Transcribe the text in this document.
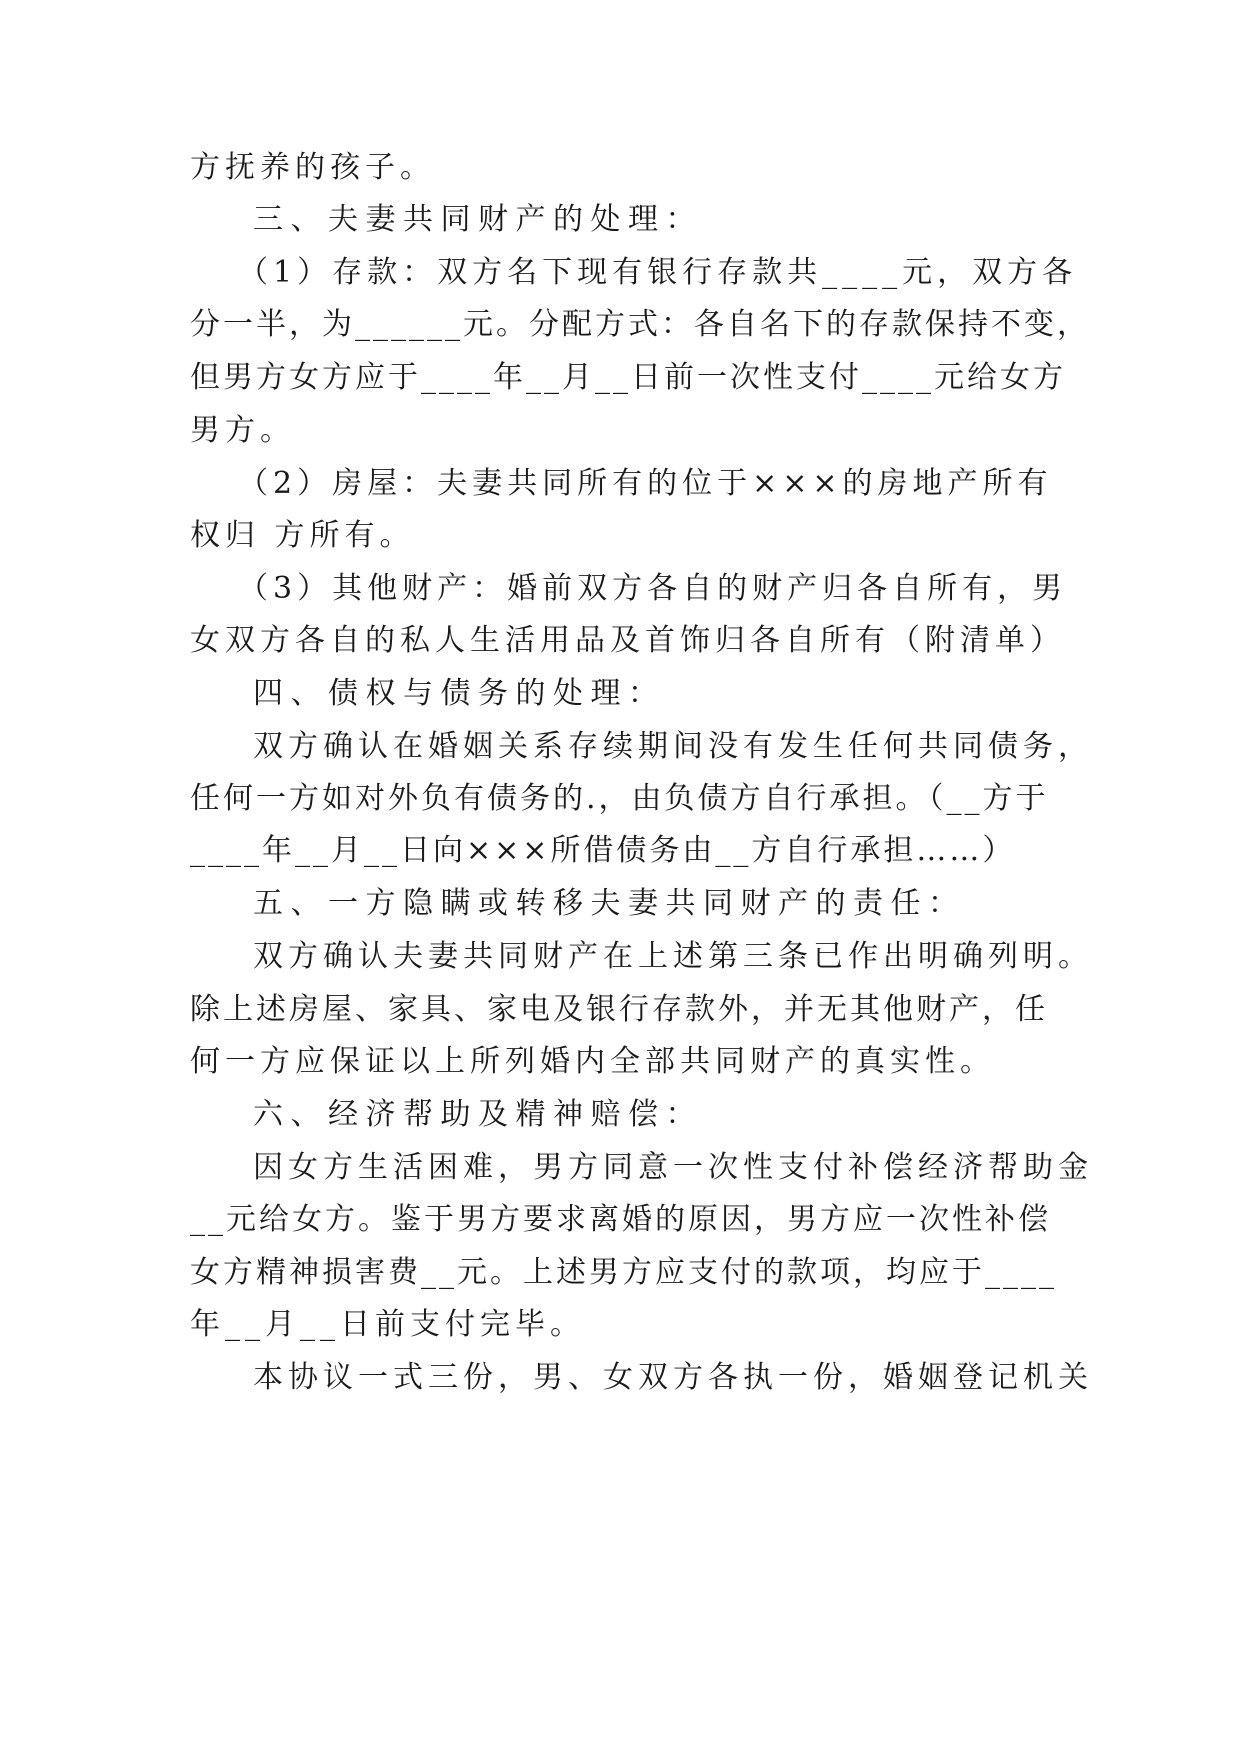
方抚养的孩子。
三、夫妻共同财产的处理：
（1）存款：双方名下现有银行存款共____元，双方各
分一半，为______元。分配方式：各自名下的存款保持不变，
但男方女方应于____年__月__日前一次性支付____元给女方
男方。
（2）房屋：夫妻共同所有的位于×××的房地产所有
权归 方所有。
（3）其他财产：婚前双方各自的财产归各自所有，男
女双方各自的私人生活用品及首饰归各自所有（附清单）
四、债权与债务的处理：
双方确认在婚姻关系存续期间没有发生任何共同债务，
任何一方如对外负有债务的.，由负债方自行承担。（__方于
____年__月__日向×××所借债务由__方自行承担……）
五、一方隐瞒或转移夫妻共同财产的责任：
双方确认夫妻共同财产在上述第三条已作出明确列明。
除上述房屋、家具、家电及银行存款外，并无其他财产，任
何一方应保证以上所列婚内全部共同财产的真实性。
六、经济帮助及精神赔偿：
因女方生活困难，男方同意一次性支付补偿经济帮助金
__元给女方。鉴于男方要求离婚的原因，男方应一次性补偿
女方精神损害费__元。上述男方应支付的款项，均应于____
年__月__日前支付完毕。
本协议一式三份，男、女双方各执一份，婚姻登记机关
